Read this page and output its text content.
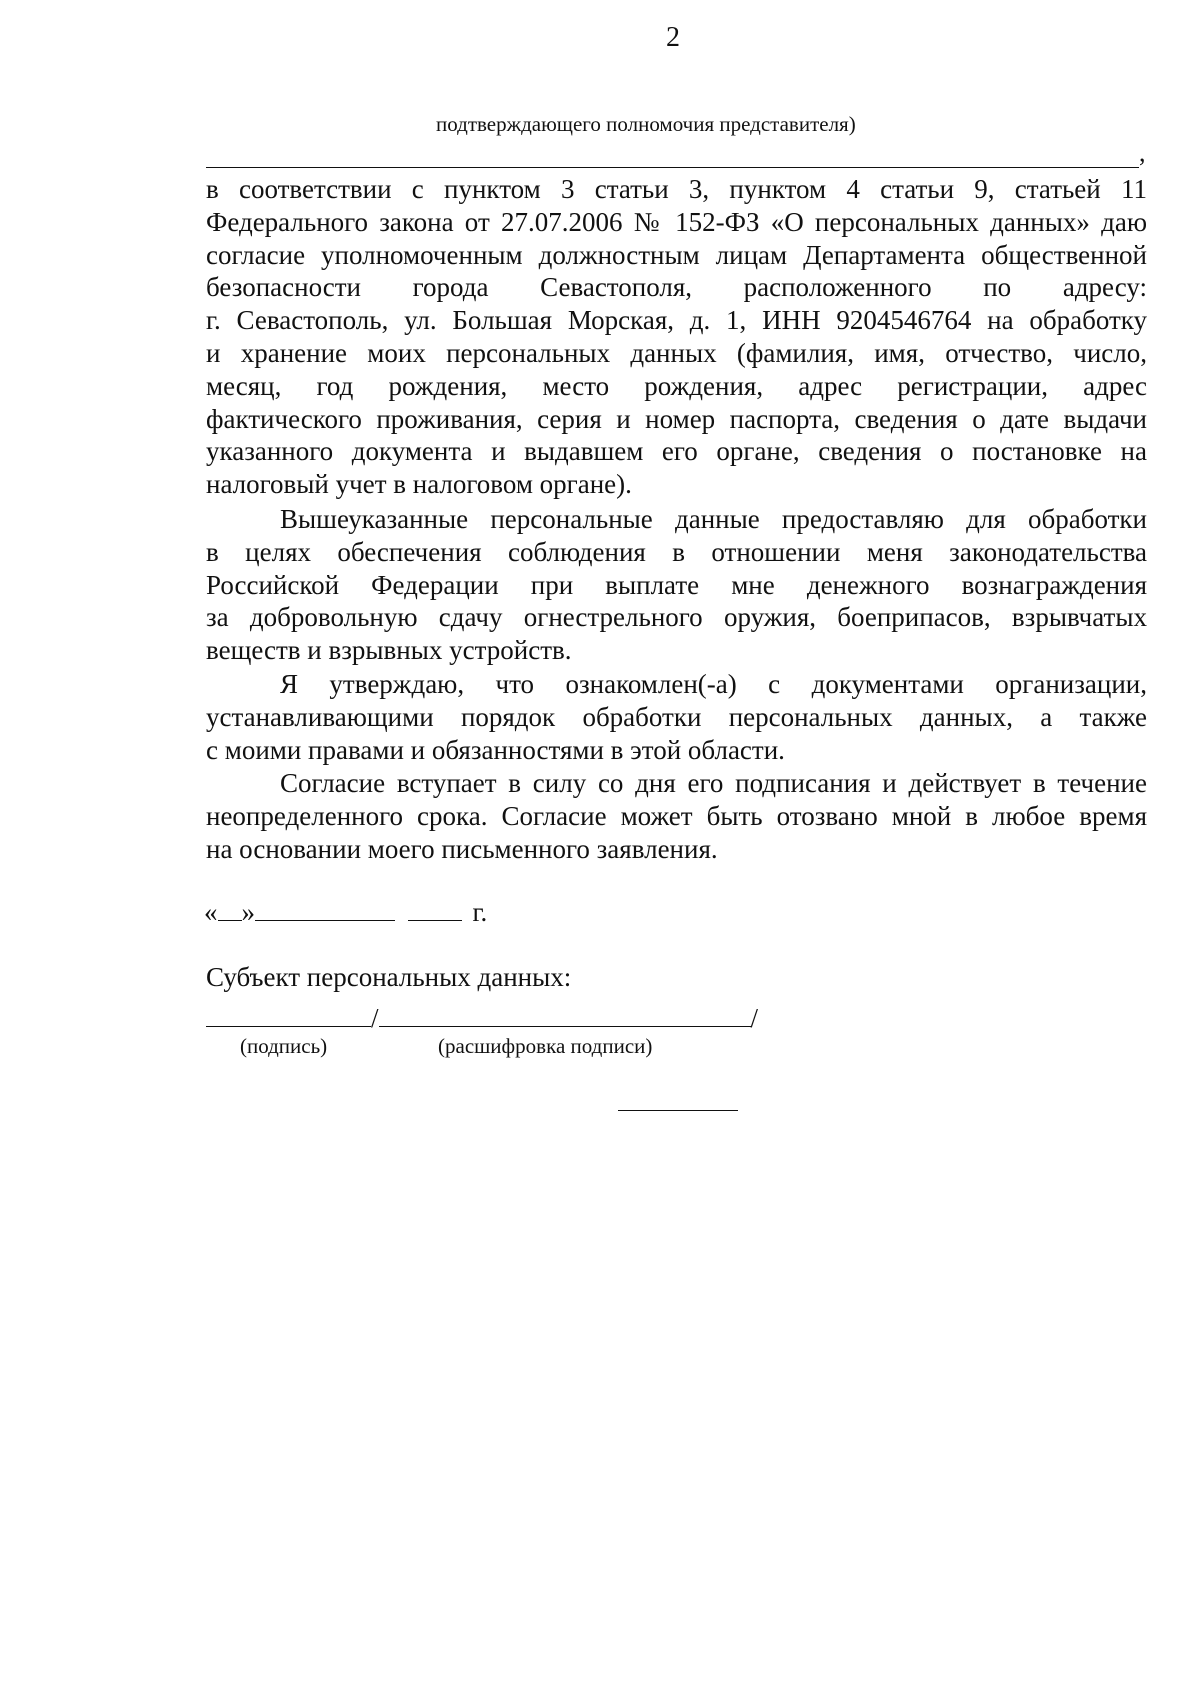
2
подтверждающего полномочия представителя)
,
в соответствии с пунктом 3 статьи 3, пунктом 4 статьи 9, статьей 11
Федерального закона от 27.07.2006 № 152-ФЗ «О персональных данных» даю
согласие уполномоченным должностным лицам Департамента общественной
безопасности города Севастополя, расположенного по адресу:
г. Севастополь, ул. Большая Морская, д. 1, ИНН 9204546764 на обработку
и хранение моих персональных данных (фамилия, имя, отчество, число,
месяц, год рождения, место рождения, адрес регистрации, адрес
фактического проживания, серия и номер паспорта, сведения о дате выдачи
указанного документа и выдавшем его органе, сведения о постановке на
налоговый учет в налоговом органе).
Вышеуказанные персональные данные предоставляю для обработки
в целях обеспечения соблюдения в отношении меня законодательства
Российской Федерации при выплате мне денежного вознаграждения
за добровольную сдачу огнестрельного оружия, боеприпасов, взрывчатых
веществ и взрывных устройств.
Я утверждаю, что ознакомлен(-а) с документами организации,
устанавливающими порядок обработки персональных данных, а также
с моими правами и обязанностями в этой области.
Согласие вступает в силу со дня его подписания и действует в течение
неопределенного срока. Согласие может быть отозвано мной в любое время
на основании моего письменного заявления.
« »	г.
Субъект персональных данных:
/	/
(подпись)	(расшифровка подписи)
